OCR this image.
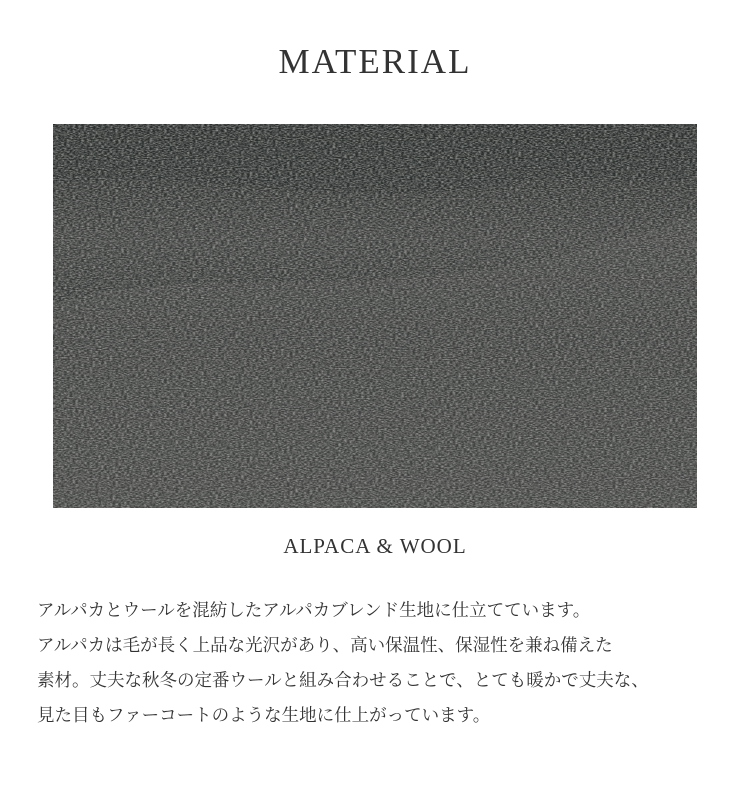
MATERIAL
ALPACA & WOOL
アルパカとウールを混紡したアルパカブレンド生地に仕立てています。
アルパカは毛が長く上品な光沢があり、高い保温性、保湿性を兼ね備えた
素材。丈夫な秋冬の定番ウールと組み合わせることで、とても暖かで丈夫な、
見た目もファーコートのような生地に仕上がっています。
